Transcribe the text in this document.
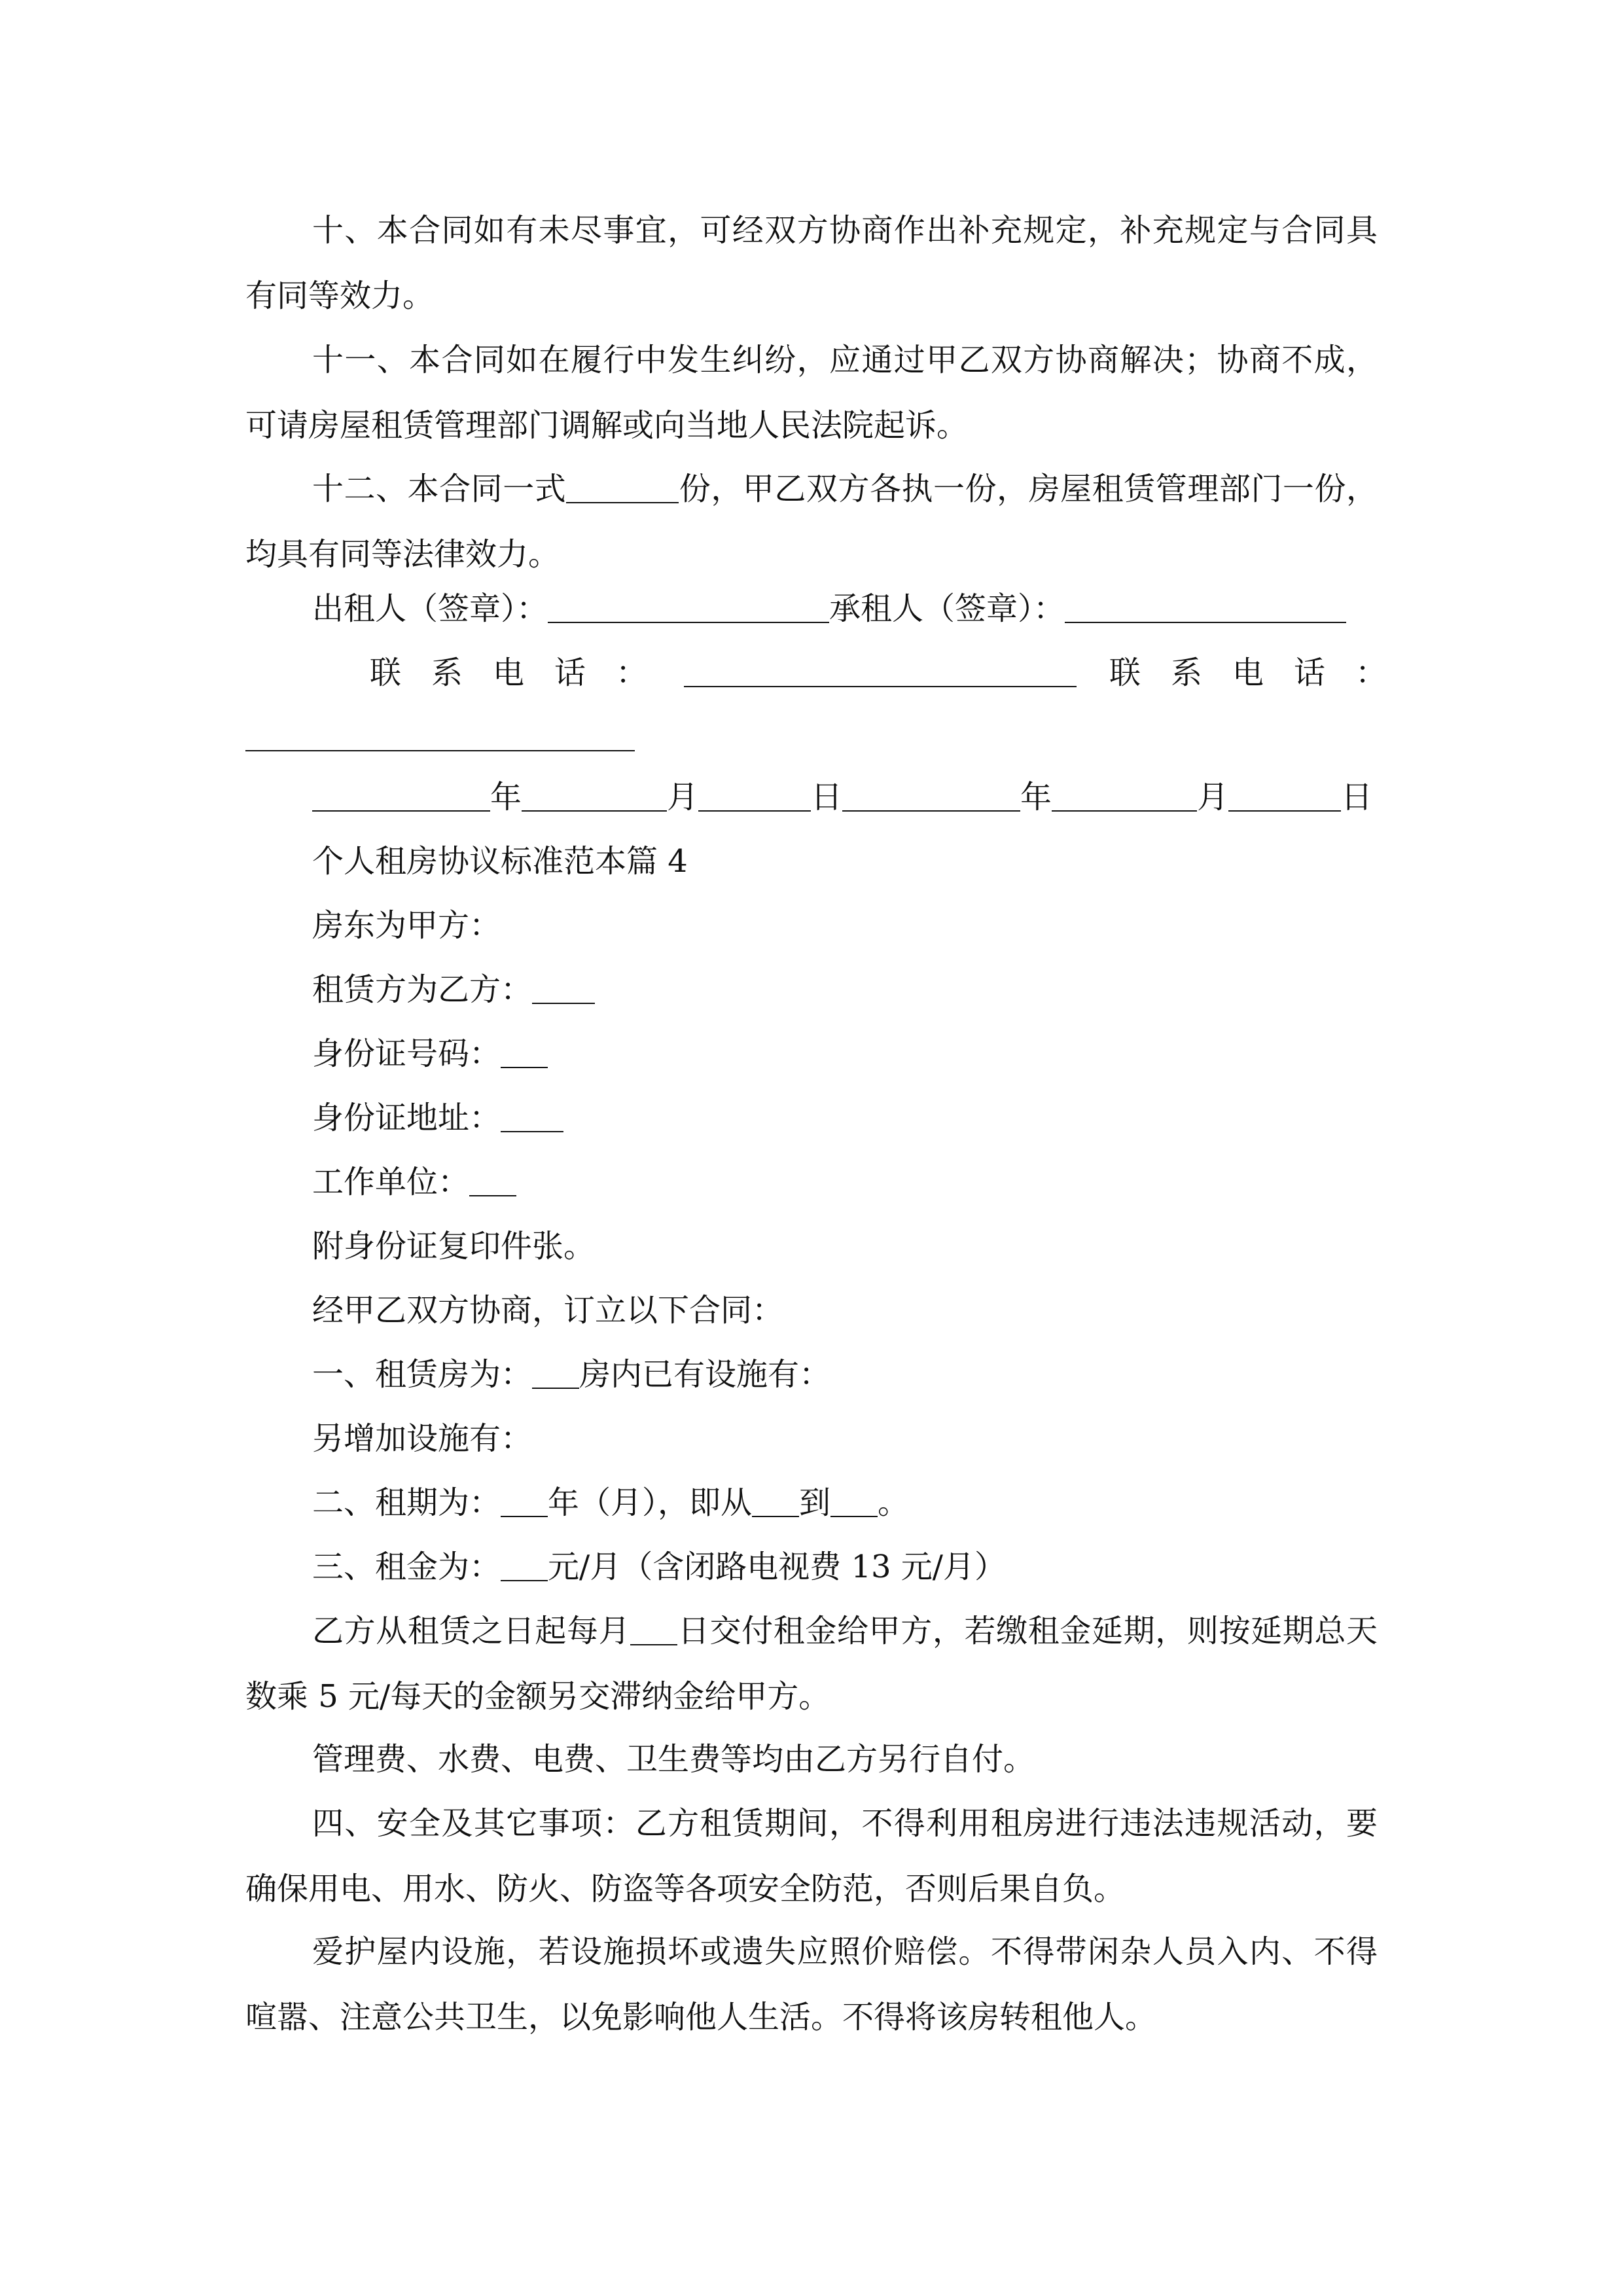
十、本合同如有未尽事宜，可经双方协商作出补充规定，补充规定与合同具有同等效力。

十一、本合同如在履行中发生纠纷，应通过甲乙双方协商解决；协商不成，可请房屋租赁管理部门调解或向当地人民法院起诉。

十二、本合同一式	份，甲乙双方各执一份，房屋租赁管理部门一份，均具有同等法律效力。

出租人（签章）：	承租人（签章）：
联系电话：	联系电话：
年	月	日	年	月	日
个人租房协议标准范本篇 4
房东为甲方：
租赁方为乙方：
身份证号码：
身份证地址：
工作单位：
附身份证复印件张。
经甲乙双方协商，订立以下合同：
一、租赁房为： 房内已有设施有：
另增加设施有：
二、租期为： 年（月），即从 到 。
三、租金为： 元/月（含闭路电视费 13 元/月）

乙方从租赁之日起每月 日交付租金给甲方，若缴租金延期，则按延期总天数乘 5 元/每天的金额另交滞纳金给甲方。

管理费、水费、电费、卫生费等均由乙方另行自付。

四、安全及其它事项：乙方租赁期间，不得利用租房进行违法违规活动，要确保用电、用水、防火、防盗等各项安全防范，否则后果自负。

爱护屋内设施，若设施损坏或遗失应照价赔偿。不得带闲杂人员入内、不得喧嚣、注意公共卫生，以免影响他人生活。不得将该房转租他人。
